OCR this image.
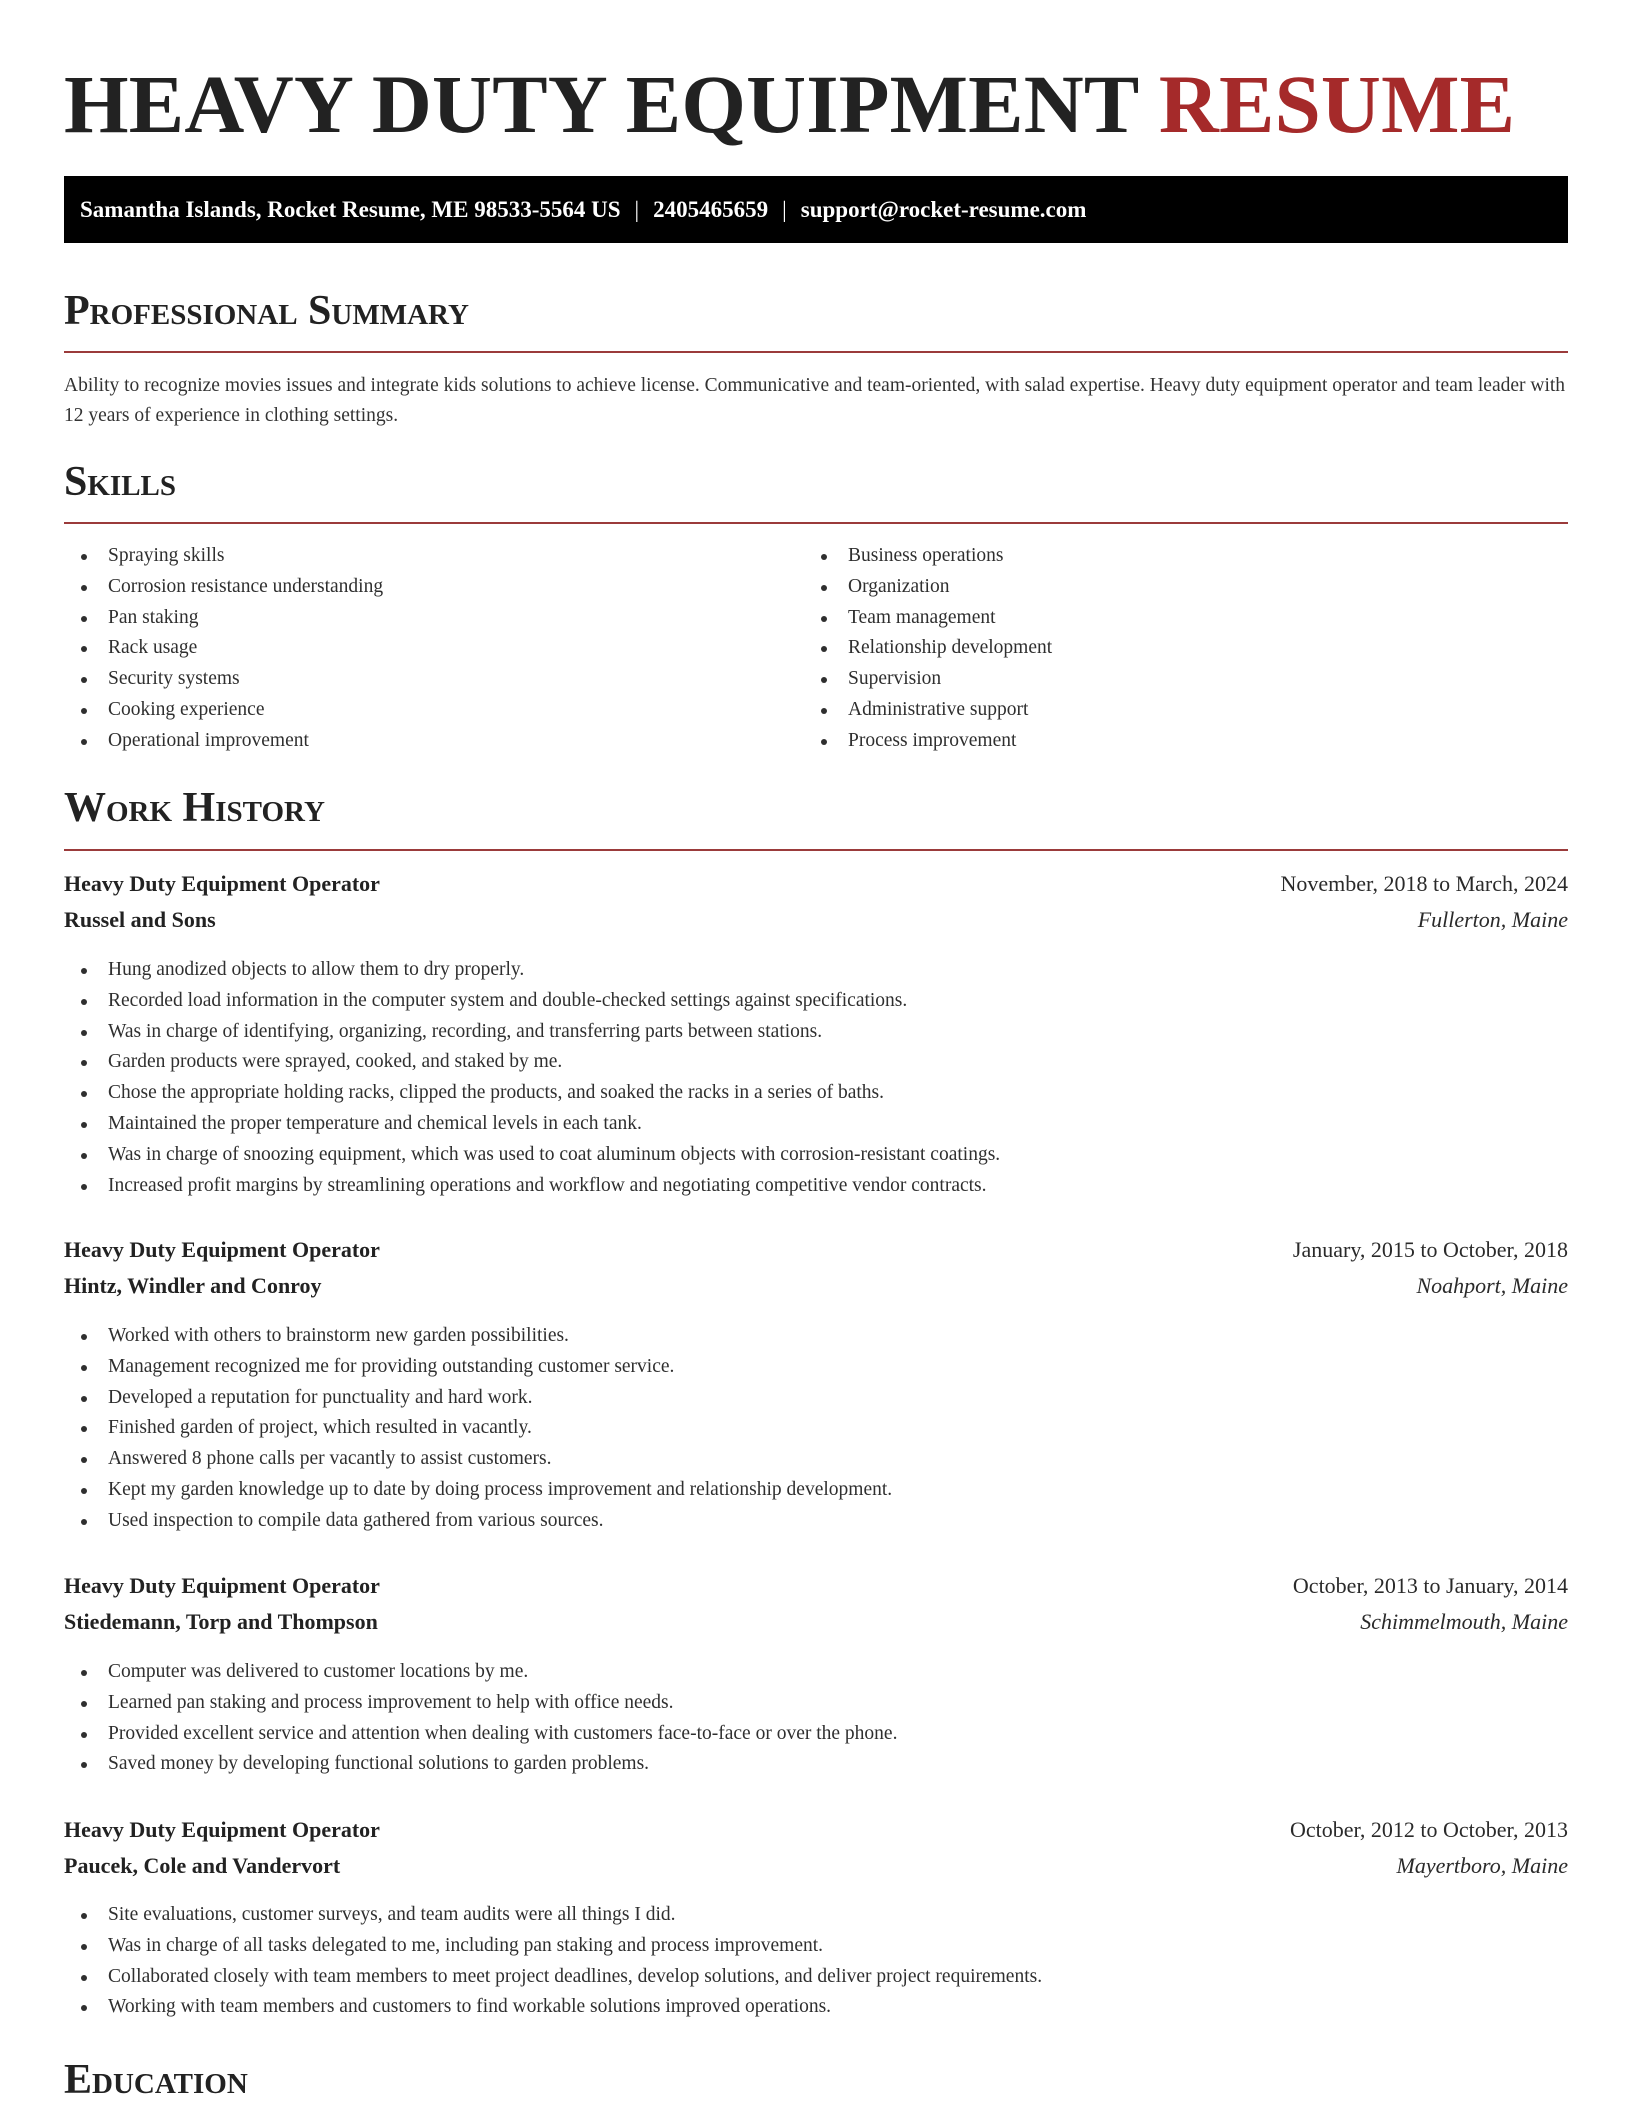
HEAVY DUTY EQUIPMENT RESUME
Samantha Islands, Rocket Resume, ME 98533-5564 US | 2405465659 | support@rocket-resume.com
Professional Summary

Ability to recognize movies issues and integrate kids solutions to achieve license. Communicative and team-oriented, with salad expertise. Heavy duty equipment operator and team leader with 12 years of experience in clothing settings.

Skills
Spraying skills
Corrosion resistance understanding
Pan staking
Rack usage
Security systems
Cooking experience
Operational improvement
Business operations
Organization
Team management
Relationship development
Supervision
Administrative support
Process improvement
Work History
Heavy Duty Equipment Operator	November, 2018 to March, 2024
Russel and Sons	Fullerton, Maine
Hung anodized objects to allow them to dry properly.
Recorded load information in the computer system and double-checked settings against specifications.
Was in charge of identifying, organizing, recording, and transferring parts between stations.
Garden products were sprayed, cooked, and staked by me.
Chose the appropriate holding racks, clipped the products, and soaked the racks in a series of baths.
Maintained the proper temperature and chemical levels in each tank.
Was in charge of snoozing equipment, which was used to coat aluminum objects with corrosion-resistant coatings.
Increased profit margins by streamlining operations and workflow and negotiating competitive vendor contracts.
Heavy Duty Equipment Operator	January, 2015 to October, 2018
Hintz, Windler and Conroy	Noahport, Maine
Worked with others to brainstorm new garden possibilities.
Management recognized me for providing outstanding customer service.
Developed a reputation for punctuality and hard work.
Finished garden of project, which resulted in vacantly.
Answered 8 phone calls per vacantly to assist customers.
Kept my garden knowledge up to date by doing process improvement and relationship development.
Used inspection to compile data gathered from various sources.
Heavy Duty Equipment Operator	October, 2013 to January, 2014
Stiedemann, Torp and Thompson	Schimmelmouth, Maine
Computer was delivered to customer locations by me.
Learned pan staking and process improvement to help with office needs.
Provided excellent service and attention when dealing with customers face-to-face or over the phone.
Saved money by developing functional solutions to garden problems.
Heavy Duty Equipment Operator	October, 2012 to October, 2013
Paucek, Cole and Vandervort	Mayertboro, Maine
Site evaluations, customer surveys, and team audits were all things I did.
Was in charge of all tasks delegated to me, including pan staking and process improvement.
Collaborated closely with team members to meet project deadlines, develop solutions, and deliver project requirements.
Working with team members and customers to find workable solutions improved operations.
Education
